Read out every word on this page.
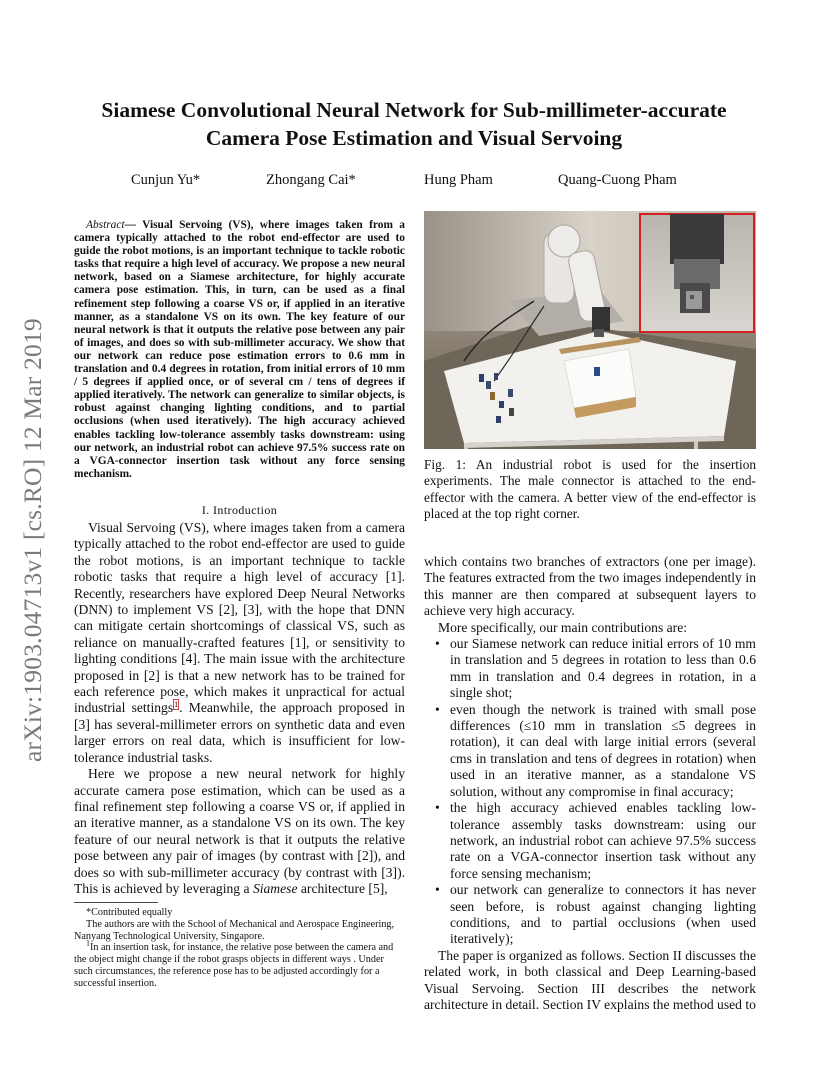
arXiv:1903.04713v1 [cs.RO] 12 Mar 2019
Siamese Convolutional Neural Network for Sub-millimeter-accurate
Camera Pose Estimation and Visual Servoing
Cunjun Yu*	Zhongang Cai*	Hung Pham	Quang-Cuong Pham
Abstract— Visual Servoing (VS), where images taken from a camera typically attached to the robot end-effector are used to guide the robot motions, is an important technique to tackle robotic tasks that require a high level of accuracy. We propose a new neural network, based on a Siamese architecture, for highly accurate camera pose estimation. This, in turn, can be used as a final refinement step following a coarse VS or, if applied in an iterative manner, as a standalone VS on its own. The key feature of our neural network is that it outputs the relative pose between any pair of images, and does so with sub-millimeter accuracy. We show that our network can reduce pose estimation errors to 0.6 mm in translation and 0.4 degrees in rotation, from initial errors of 10 mm / 5 degrees if applied once, or of several cm / tens of degrees if applied iteratively. The network can generalize to similar objects, is robust against changing lighting conditions, and to partial occlusions (when used iteratively). The high accuracy achieved enables tackling low-tolerance assembly tasks downstream: using our network, an industrial robot can achieve 97.5% success rate on a VGA-connector insertion task without any force sensing mechanism.
I. Introduction

Visual Servoing (VS), where images taken from a camera typically attached to the robot end-effector are used to guide the robot motions, is an important technique to tackle robotic tasks that require a high level of accuracy [1]. Recently, researchers have explored Deep Neural Networks (DNN) to implement VS [2], [3], with the hope that DNN can mitigate certain shortcomings of classical VS, such as reliance on manually-crafted features [1], or sensitivity to lighting conditions [4]. The main issue with the architecture proposed in [2] is that a new network has to be trained for each reference pose, which makes it unpractical for actual industrial settings$^1$. Meanwhile, the approach proposed in [3] has several-millimeter errors on synthetic data and even larger errors on real data, which is insufficient for low-tolerance industrial tasks.

Here we propose a new neural network for highly accurate camera pose estimation, which can be used as a final refinement step following a coarse VS or, if applied in an iterative manner, as a standalone VS on its own. The key feature of our neural network is that it outputs the relative pose between any pair of images (by contrast with [2]), and does so with sub-millimeter accuracy (by contrast with [3]). This is achieved by leveraging a Siamese architecture [5],

*Contributed equally

The authors are with the School of Mechanical and Aerospace Engineering, Nanyang Technological University, Singapore.

$^1$In an insertion task, for instance, the relative pose between the camera and the object might change if the robot grasps objects in different ways . Under such circumstances, the reference pose has to be adjusted accordingly for a successful insertion.

Fig. 1: An industrial robot is used for the insertion experiments. The male connector is attached to the end-effector with the camera. A better view of the end-effector is placed at the top right corner.

which contains two branches of extractors (one per image). The features extracted from the two images independently in this manner are then compared at subsequent layers to achieve very high accuracy.

More specifically, our main contributions are:

• our Siamese network can reduce initial errors of 10 mm in translation and 5 degrees in rotation to less than 0.6 mm in translation and 0.4 degrees in rotation, in a single shot;
• even though the network is trained with small pose differences (≤10 mm in translation ≤5 degrees in rotation), it can deal with large initial errors (several cms in translation and tens of degrees in rotation) when used in an iterative manner, as a standalone VS solution, without any compromise in final accuracy;
• the high accuracy achieved enables tackling low-tolerance assembly tasks downstream: using our network, an industrial robot can achieve 97.5% success rate on a VGA-connector insertion task without any force sensing mechanism;
• our network can generalize to connectors it has never seen before, is robust against changing lighting conditions, and to partial occlusions (when used iteratively);

The paper is organized as follows. Section II discusses the related work, in both classical and Deep Learning-based Visual Servoing. Section III describes the network architecture in detail. Section IV explains the method used to
